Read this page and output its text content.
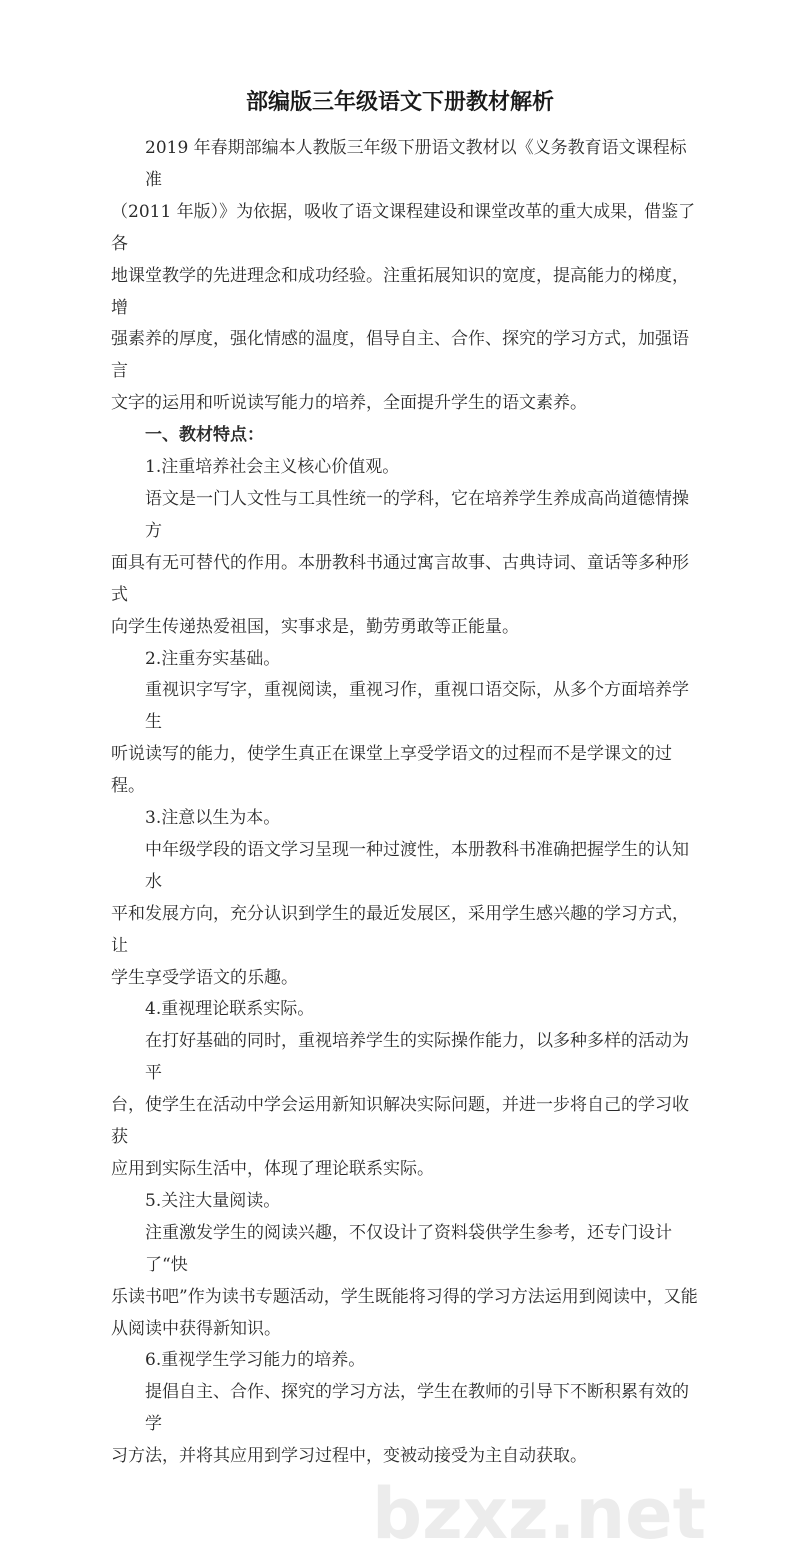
部编版三年级语文下册教材解析
2019 年春期部编本人教版三年级下册语文教材以《义务教育语文课程标准
（2011 年版）》为依据，吸收了语文课程建设和课堂改革的重大成果，借鉴了各
地课堂教学的先进理念和成功经验。注重拓展知识的宽度，提高能力的梯度，增
强素养的厚度，强化情感的温度，倡导自主、合作、探究的学习方式，加强语言
文字的运用和听说读写能力的培养，全面提升学生的语文素养。
一、教材特点：
1.注重培养社会主义核心价值观。
语文是一门人文性与工具性统一的学科，它在培养学生养成高尚道德情操方
面具有无可替代的作用。本册教科书通过寓言故事、古典诗词、童话等多种形式
向学生传递热爱祖国，实事求是，勤劳勇敢等正能量。
2.注重夯实基础。
重视识字写字，重视阅读，重视习作，重视口语交际，从多个方面培养学生
听说读写的能力，使学生真正在课堂上享受学语文的过程而不是学课文的过程。
3.注意以生为本。
中年级学段的语文学习呈现一种过渡性，本册教科书准确把握学生的认知水
平和发展方向，充分认识到学生的最近发展区，采用学生感兴趣的学习方式，让
学生享受学语文的乐趣。
4.重视理论联系实际。
在打好基础的同时，重视培养学生的实际操作能力，以多种多样的活动为平
台，使学生在活动中学会运用新知识解决实际问题，并进一步将自己的学习收获
应用到实际生活中，体现了理论联系实际。
5.关注大量阅读。
注重激发学生的阅读兴趣，不仅设计了资料袋供学生参考，还专门设计了“快
乐读书吧”作为读书专题活动，学生既能将习得的学习方法运用到阅读中，又能
从阅读中获得新知识。
6.重视学生学习能力的培养。
提倡自主、合作、探究的学习方法，学生在教师的引导下不断积累有效的学
习方法，并将其应用到学习过程中，变被动接受为主自动获取。
bzxz.net
